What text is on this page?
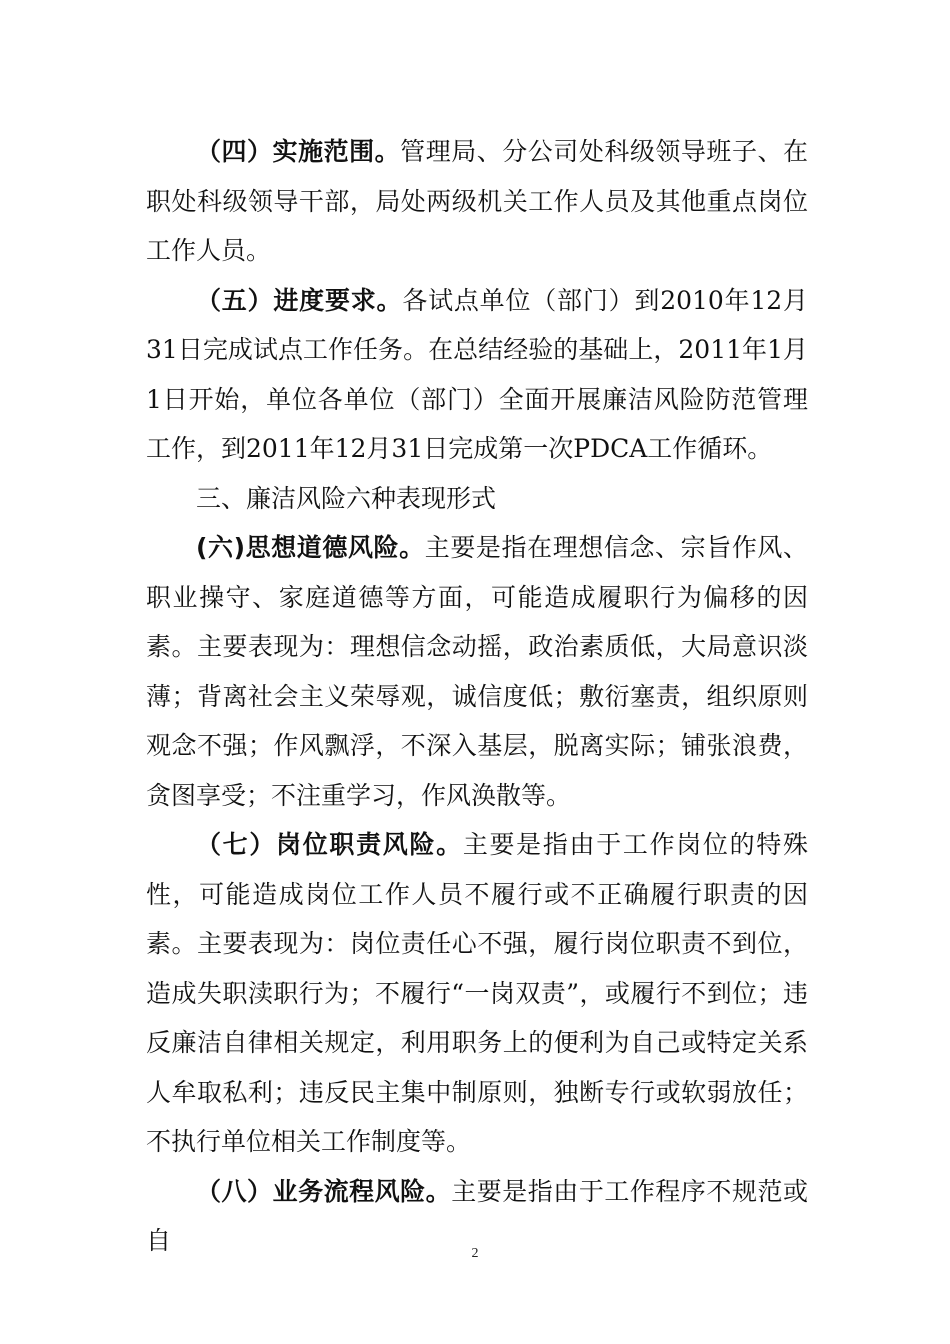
（四）实施范围。管理局、分公司处科级领导班子、在职处科级领导干部，局处两级机关工作人员及其他重点岗位工作人员。

（五）进度要求。各试点单位（部门）到2010年12月31日完成试点工作任务。在总结经验的基础上，2011年1月1日开始，单位各单位（部门）全面开展廉洁风险防范管理工作，到2011年12月31日完成第一次PDCA工作循环。

三、廉洁风险六种表现形式

(六)思想道德风险。主要是指在理想信念、宗旨作风、职业操守、家庭道德等方面，可能造成履职行为偏移的因素。主要表现为：理想信念动摇，政治素质低，大局意识淡薄；背离社会主义荣辱观，诚信度低；敷衍塞责，组织原则观念不强；作风飘浮，不深入基层，脱离实际；铺张浪费，贪图享受；不注重学习，作风涣散等。

（七）岗位职责风险。主要是指由于工作岗位的特殊性，可能造成岗位工作人员不履行或不正确履行职责的因素。主要表现为：岗位责任心不强，履行岗位职责不到位，造成失职渎职行为；不履行“一岗双责”，或履行不到位；违反廉洁自律相关规定，利用职务上的便利为自己或特定关系人牟取私利；违反民主集中制原则，独断专行或软弱放任；不执行单位相关工作制度等。

（八）业务流程风险。主要是指由于工作程序不规范或自	2
